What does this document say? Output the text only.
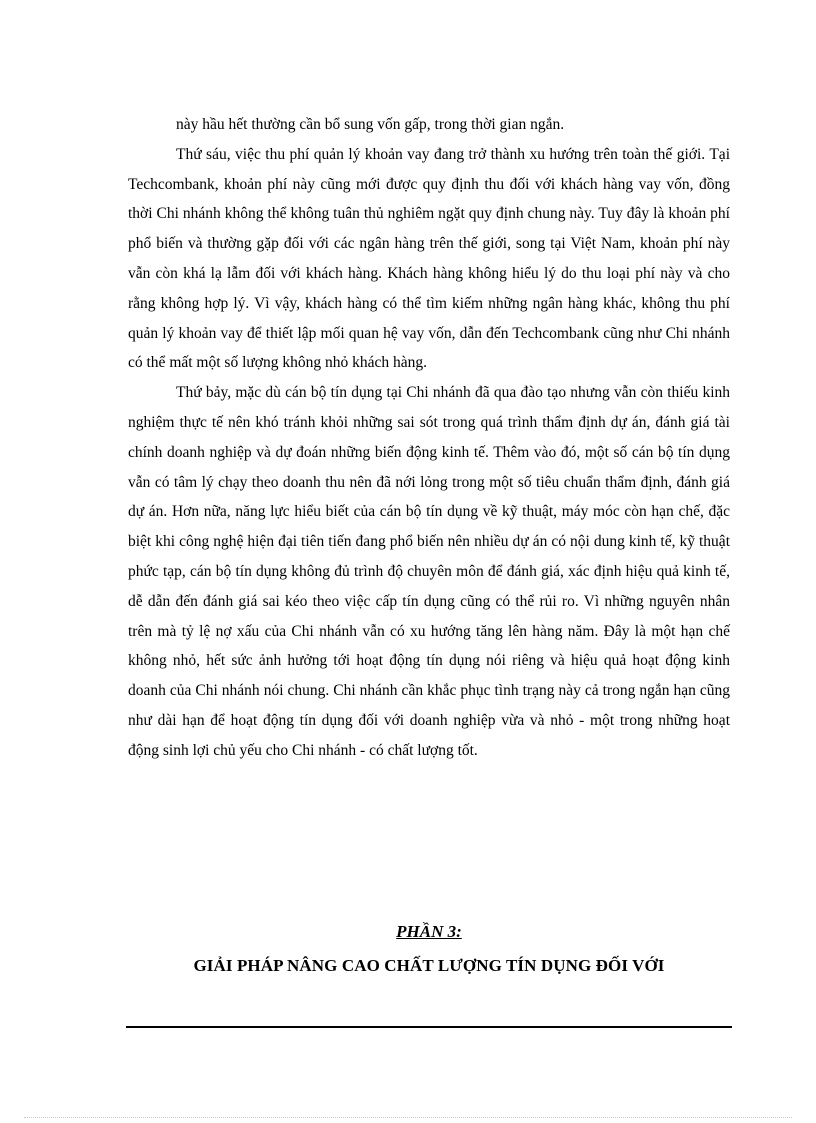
này hầu hết thường cần bổ sung vốn gấp, trong thời gian ngắn.

Thứ sáu, việc thu phí quản lý khoản vay đang trở thành xu hướng trên toàn thế giới. Tại Techcombank, khoản phí này cũng mới được quy định thu đối với khách hàng vay vốn, đồng thời Chi nhánh không thể không tuân thủ nghiêm ngặt quy định chung này. Tuy đây là khoản phí phổ biến và thường gặp đối với các ngân hàng trên thế giới, song tại Việt Nam, khoản phí này vẫn còn khá lạ lẫm đối với khách hàng. Khách hàng không hiểu lý do thu loại phí này và cho rằng không hợp lý. Vì vậy, khách hàng có thể tìm kiếm những ngân hàng khác, không thu phí quản lý khoản vay để thiết lập mối quan hệ vay vốn, dẫn đến Techcombank cũng như Chi nhánh có thể mất một số lượng không nhỏ khách hàng.

Thứ bảy, mặc dù cán bộ tín dụng tại Chi nhánh đã qua đào tạo nhưng vẫn còn thiếu kinh nghiệm thực tế nên khó tránh khỏi những sai sót trong quá trình thẩm định dự án, đánh giá tài chính doanh nghiệp và dự đoán những biến động kinh tế. Thêm vào đó, một số cán bộ tín dụng vẫn có tâm lý chạy theo doanh thu nên đã nới lỏng trong một số tiêu chuẩn thẩm định, đánh giá dự án. Hơn nữa, năng lực hiểu biết của cán bộ tín dụng về kỹ thuật, máy móc còn hạn chế, đặc biệt khi công nghệ hiện đại tiên tiến đang phổ biến nên nhiều dự án có nội dung kinh tế, kỹ thuật phức tạp, cán bộ tín dụng không đủ trình độ chuyên môn để đánh giá, xác định hiệu quả kinh tế, dễ dẫn đến đánh giá sai kéo theo việc cấp tín dụng cũng có thể rủi ro. Vì những nguyên nhân trên mà tỷ lệ nợ xấu của Chi nhánh vẫn có xu hướng tăng lên hàng năm. Đây là một hạn chế không nhỏ, hết sức ảnh hưởng tới hoạt động tín dụng nói riêng và hiệu quả hoạt động kinh doanh của Chi nhánh nói chung. Chi nhánh cần khắc phục tình trạng này cả trong ngắn hạn cũng như dài hạn để hoạt động tín dụng đối với doanh nghiệp vừa và nhỏ - một trong những hoạt động sinh lợi chủ yếu cho Chi nhánh - có chất lượng tốt.

PHẦN 3:
GIẢI PHÁP NÂNG CAO CHẤT LƯỢNG TÍN DỤNG ĐỐI VỚI
